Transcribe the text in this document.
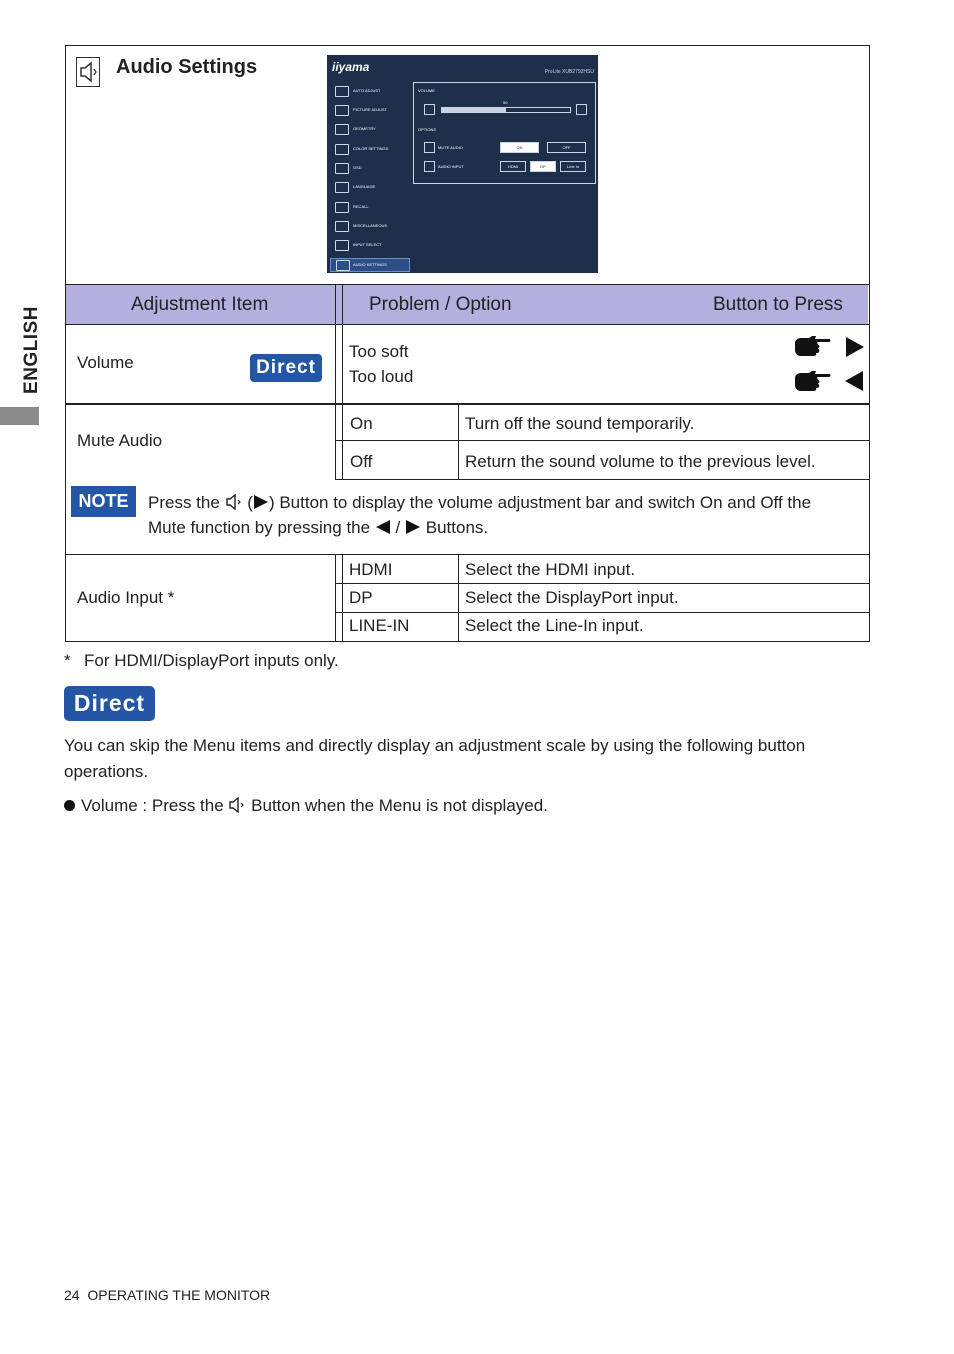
ENGLISH
Audio Settings	iiyama	ProLite XUB2792HSU
AUTO ADJUST
PICTURE ADJUST
GEOMETRY
COLOR SETTINGS
OSD
LANGUAGE
RECALL
MISCELLANEOUS
INPUT SELECT
AUDIO SETTINGS
VOLUME
50
OPTIONS
MUTE AUDIO	ON	OFF
AUDIO INPUT	HDMI	DP	Line In
Adjustment Item	Problem / Option	Button to Press
Volume	Direct
Too soft
Too loud
Mute Audio
On	Turn off the sound temporarily.
Off	Return the sound volume to the previous level.
NOTE	Press the ( ) Button to display the volume adjustment bar and switch On and Off the
Mute function by pressing the / Buttons.
Audio Input *
HDMI	Select the HDMI input.
DP	Select the DisplayPort input.
LINE-IN	Select the Line-In input.
* For HDMI/DisplayPort inputs only.
Direct
You can skip the Menu items and directly display an adjustment scale by using the following button
operations.
Volume : Press the Button when the Menu is not displayed.
24 OPERATING THE MONITOR
